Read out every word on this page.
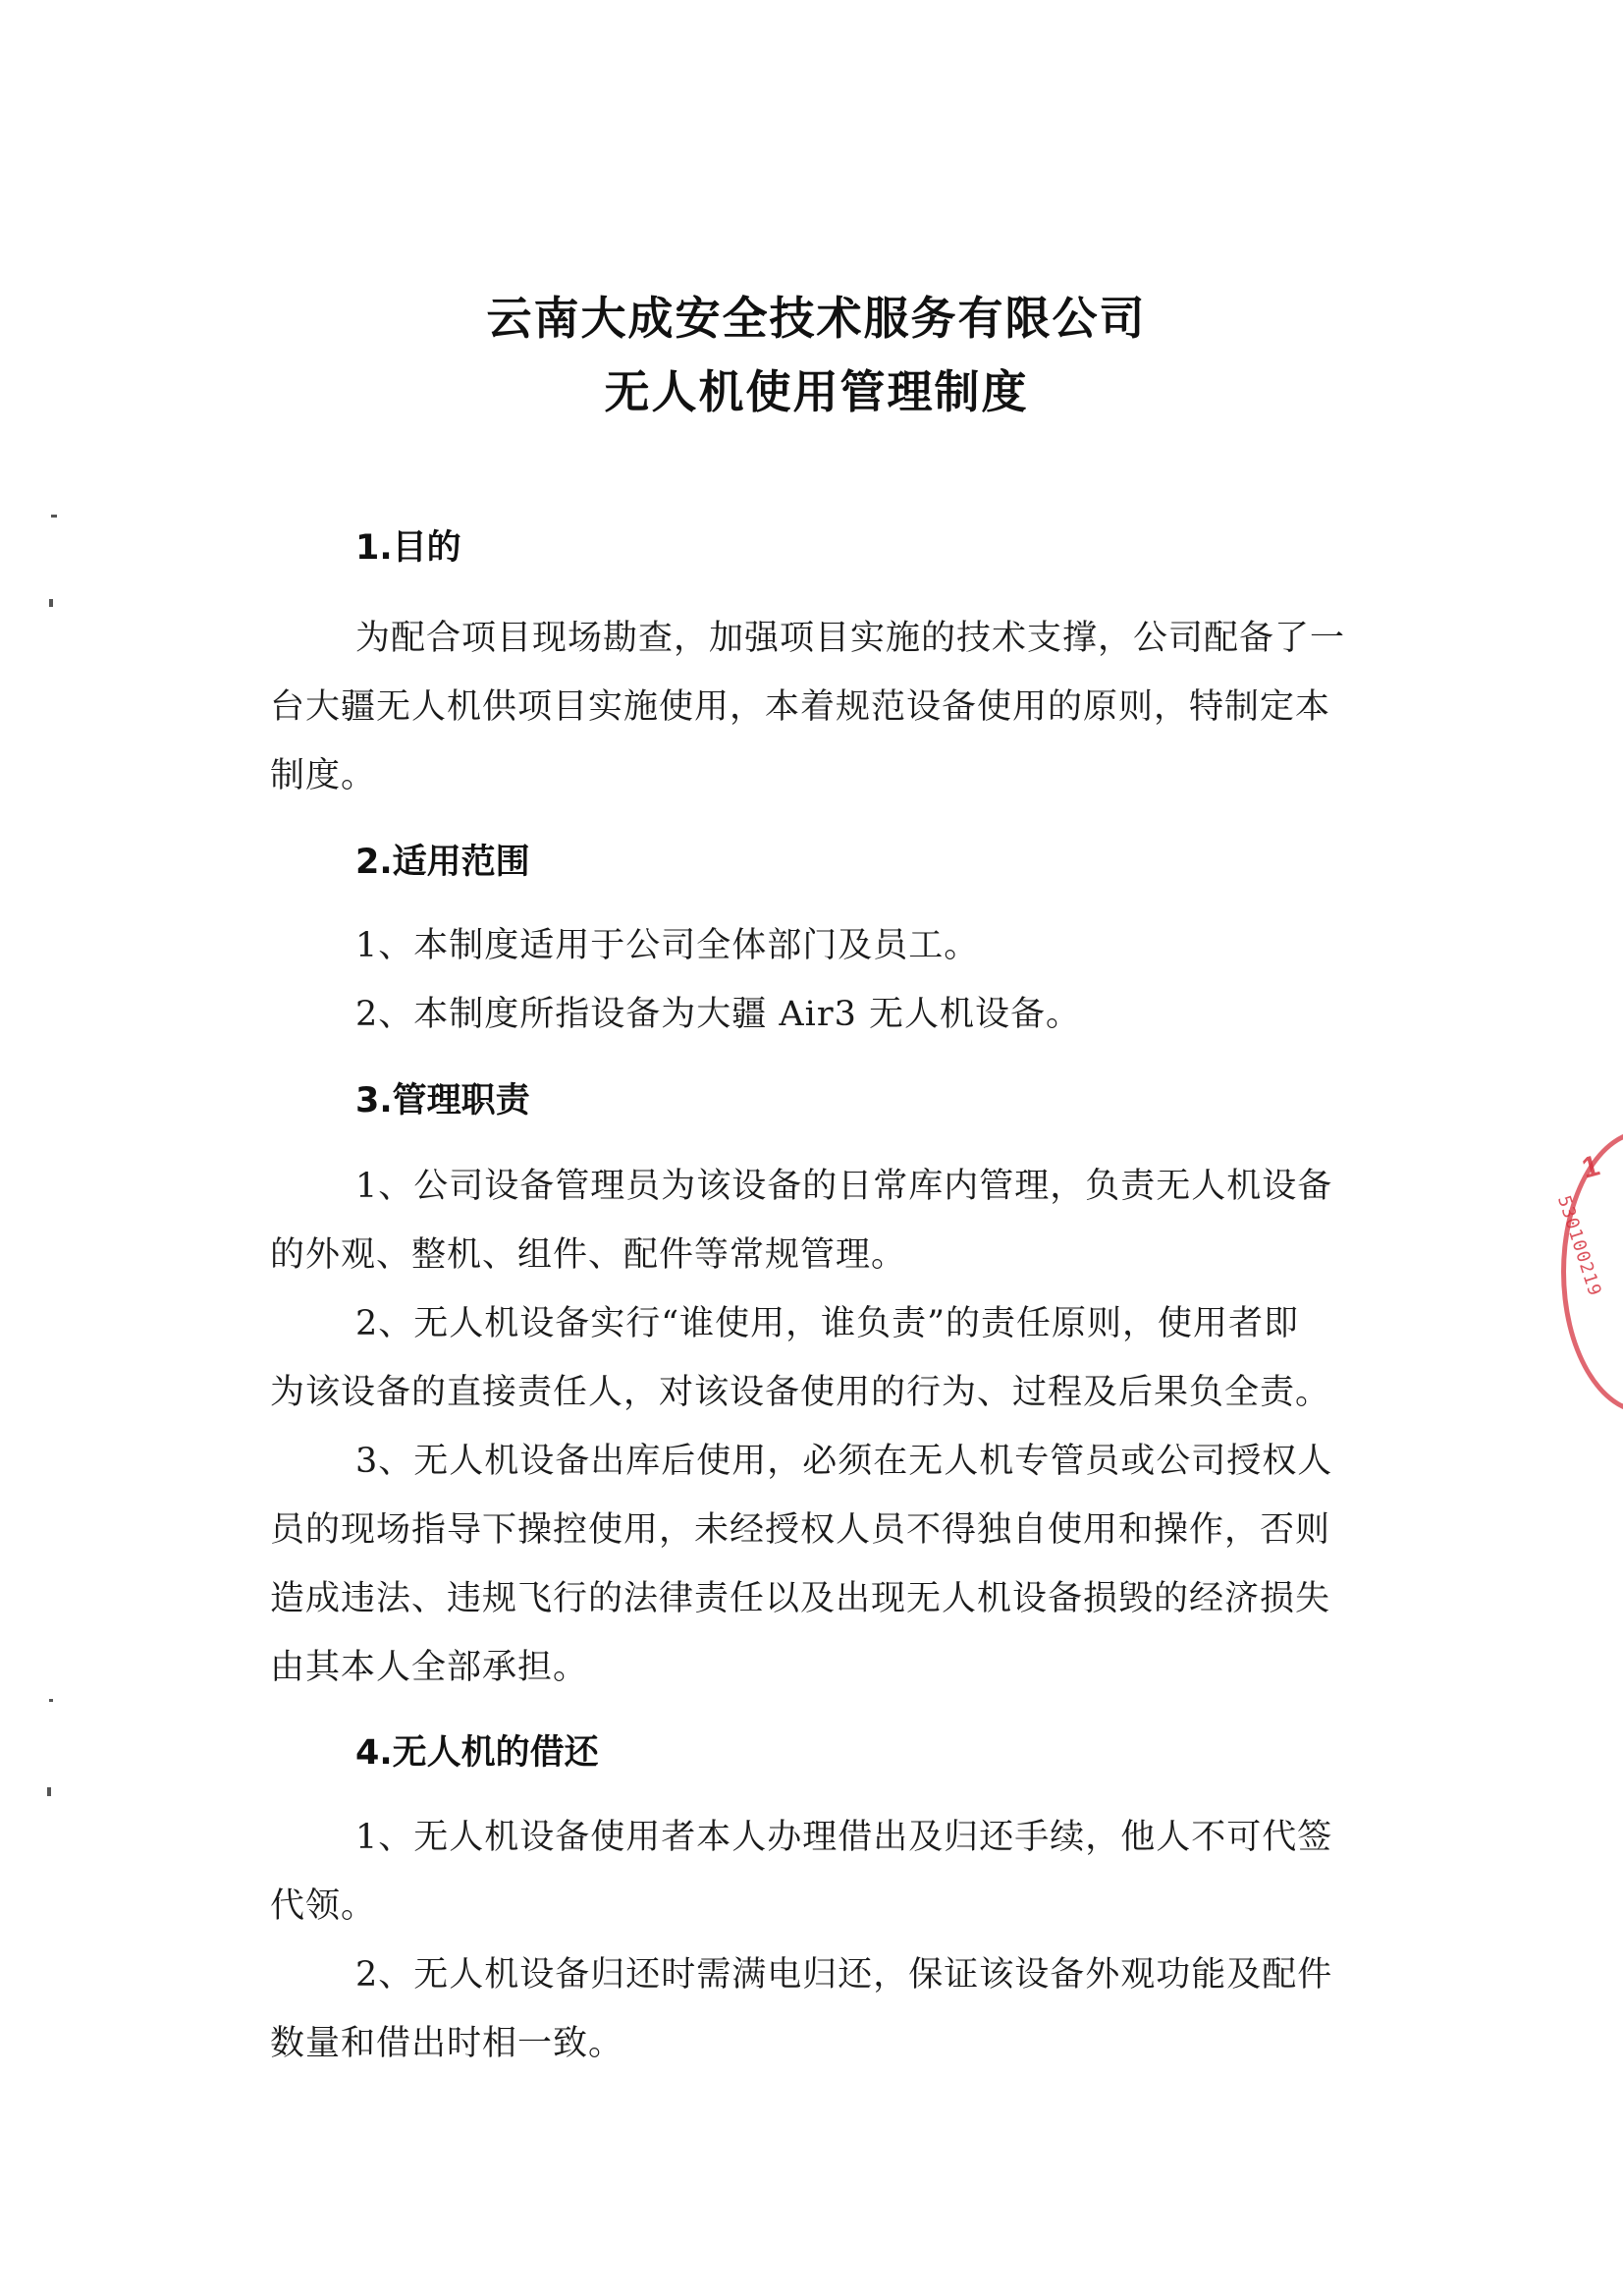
云南大成安全技术服务有限公司
无人机使用管理制度
1.目的
为配合项目现场勘查，加强项目实施的技术支撑，公司配备了一
台大疆无人机供项目实施使用，本着规范设备使用的原则，特制定本
制度。
2.适用范围
1、本制度适用于公司全体部门及员工。
2、本制度所指设备为大疆 Air3 无人机设备。
3.管理职责
1、公司设备管理员为该设备的日常库内管理，负责无人机设备
的外观、整机、组件、配件等常规管理。
2、无人机设备实行“谁使用，谁负责”的责任原则，使用者即
为该设备的直接责任人，对该设备使用的行为、过程及后果负全责。
3、无人机设备出库后使用，必须在无人机专管员或公司授权人
员的现场指导下操控使用，未经授权人员不得独自使用和操作，否则
造成违法、违规飞行的法律责任以及出现无人机设备损毁的经济损失
由其本人全部承担。
4.无人机的借还
1、无人机设备使用者本人办理借出及归还手续，他人不可代签
代领。
2、无人机设备归还时需满电归还，保证该设备外观功能及配件
数量和借出时相一致。
1
530100219
